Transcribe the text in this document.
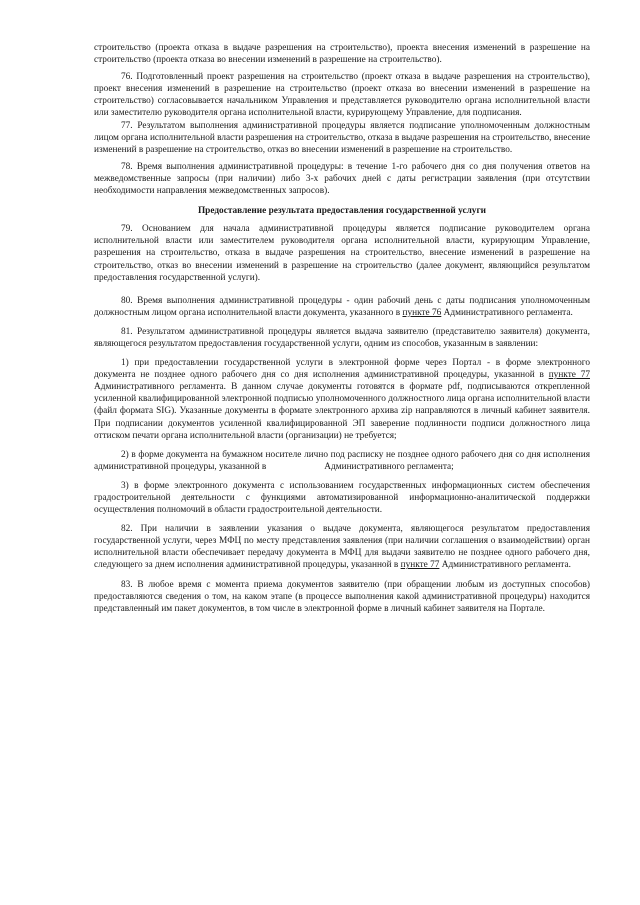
строительство (проекта отказа в выдаче разрешения на строительство), проекта внесения изменений в разрешение на строительство (проекта отказа во внесении изменений в разрешение на строительство).

76. Подготовленный проект разрешения на строительство (проект отказа в выдаче разрешения на строительство), проект внесения изменений в разрешение на строительство (проект отказа во внесении изменений в разрешение на строительство) согласовывается начальником Управления и представляется руководителю органа исполнительной власти или заместителю руководителя органа исполнительной власти, курирующему Управление, для подписания.

77. Результатом выполнения административной процедуры является подписание уполномоченным должностным лицом органа исполнительной власти разрешения на строительство, отказа в выдаче разрешения на строительство, внесение изменений в разрешение на строительство, отказ во внесении изменений в разрешение на строительство.

78. Время выполнения административной процедуры: в течение 1-го рабочего дня со дня получения ответов на межведомственные запросы (при наличии) либо 3-х рабочих дней с даты регистрации заявления (при отсутствии необходимости направления межведомственных запросов).

Предоставление результата предоставления государственной услуги

79. Основанием для начала административной процедуры является подписание руководителем органа исполнительной власти или заместителем руководителя органа исполнительной власти, курирующим Управление, разрешения на строительство, отказа в выдаче разрешения на строительство, внесение изменений в разрешение на строительство, отказ во внесении изменений в разрешение на строительство (далее документ, являющийся результатом предоставления государственной услуги).

80. Время выполнения административной процедуры - один рабочий день с даты подписания уполномоченным должностным лицом органа исполнительной власти документа, указанного в пункте 76 Административного регламента.

81. Результатом административной процедуры является выдача заявителю (представителю заявителя) документа, являющегося результатом предоставления государственной услуги, одним из способов, указанным в заявлении:

1) при предоставлении государственной услуги в электронной форме через Портал - в форме электронного документа не позднее одного рабочего дня со дня исполнения административной процедуры, указанной в пункте 77 Административного регламента. В данном случае документы готовятся в формате pdf, подписываются открепленной усиленной квалифицированной электронной подписью уполномоченного должностного лица органа исполнительной власти (файл формата SIG). Указанные документы в формате электронного архива zip направляются в личный кабинет заявителя. При подписании документов усиленной квалифицированной ЭП заверение подлинности подписи должностного лица оттиском печати органа исполнительной власти (организации) не требуется;

2) в форме документа на бумажном носителе лично под расписку не позднее одного рабочего дня со дня исполнения административной процедуры, указанной в	Административного регламента;

3) в форме электронного документа с использованием государственных информационных систем обеспечения градостроительной деятельности с функциями автоматизированной информационно-аналитической поддержки осуществления полномочий в области градостроительной деятельности.

82. При наличии в заявлении указания о выдаче документа, являющегося результатом предоставления государственной услуги, через МФЦ по месту представления заявления (при наличии соглашения о взаимодействии) орган исполнительной власти обеспечивает передачу документа в МФЦ для выдачи заявителю не позднее одного рабочего дня, следующего за днем исполнения административной процедуры, указанной в пункте 77 Административного регламента.

83. В любое время с момента приема документов заявителю (при обращении любым из доступных способов) предоставляются сведения о том, на каком этапе (в процессе выполнения какой административной процедуры) находится представленный им пакет документов, в том числе в электронной форме в личный кабинет заявителя на Портале.
